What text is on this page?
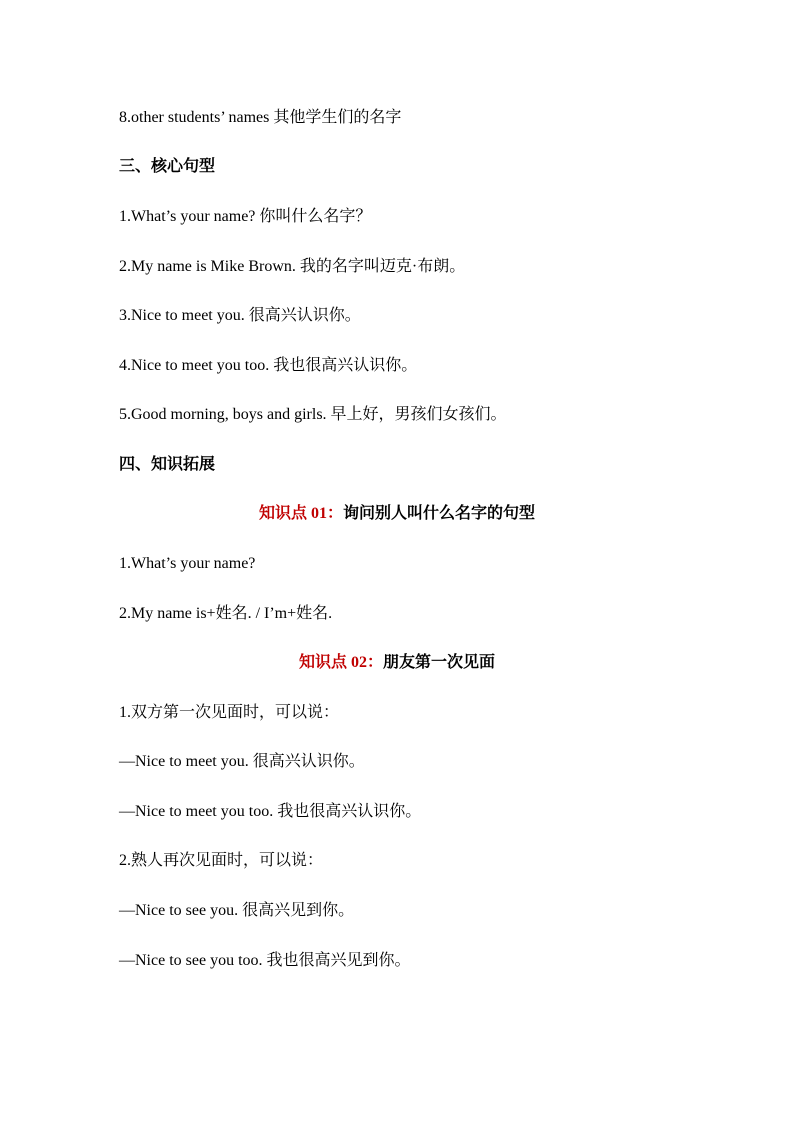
8.other students’ names 其他学生们的名字
三、核心句型
1.What’s your name? 你叫什么名字？
2.My name is Mike Brown. 我的名字叫迈克·布朗。
3.Nice to meet you. 很高兴认识你。
4.Nice to meet you too. 我也很高兴认识你。
5.Good morning, boys and girls. 早上好，男孩们女孩们。
四、知识拓展
知识点 01：询问别人叫什么名字的句型
1.What’s your name?
2.My name is+姓名. / I’m+姓名.
知识点 02：朋友第一次见面
1.双方第一次见面时，可以说：
—Nice to meet you. 很高兴认识你。
—Nice to meet you too. 我也很高兴认识你。
2.熟人再次见面时，可以说：
—Nice to see you. 很高兴见到你。
—Nice to see you too. 我也很高兴见到你。
